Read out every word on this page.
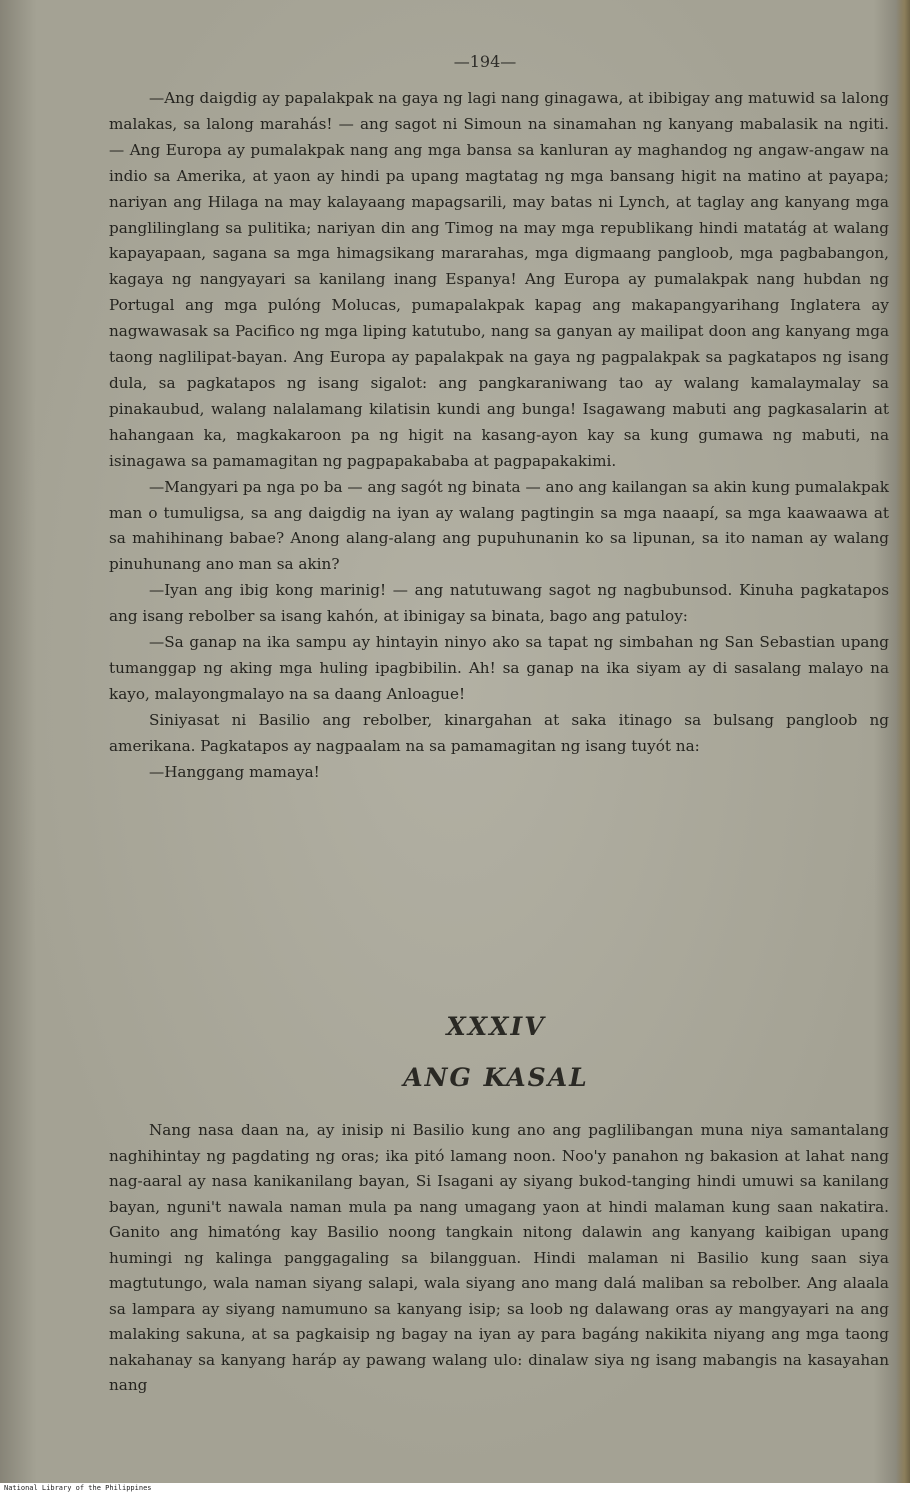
—194—

—Ang daigdig ay papalakpak na gaya ng lagi nang ginagawa, at ibibigay ang matuwid sa lalong malakas, sa lalong marahás! — ang sagot ni Simoun na sinamahan ng kanyang mabalasik na ngiti. — Ang Europa ay pumalakpak nang ang mga bansa sa kanluran ay maghandog ng angaw-angaw na indio sa Amerika, at yaon ay hindi pa upang magtatag ng mga bansang higit na matino at payapa; nariyan ang Hilaga na may kalayaang mapagsarili, may batas ni Lynch, at taglay ang kanyang mga panglilinglang sa pulitika; nariyan din ang Timog na may mga republikang hindi matatág at walang kapayapaan, sagana sa mga himagsikang mararahas, mga digmaang pangloob, mga pagbabangon, kagaya ng nangyayari sa kanilang inang Espanya! Ang Europa ay pumalakpak nang hubdan ng Portugal ang mga pulóng Molucas, pumapalakpak kapag ang makapangyarihang Inglatera ay nagwawasak sa Pacifico ng mga liping katutubo, nang sa ganyan ay mailipat doon ang kanyang mga taong naglilipat-bayan. Ang Europa ay papalakpak na gaya ng pagpalakpak sa pagkatapos ng isang dula, sa pagkatapos ng isang sigalot: ang pangkaraniwang tao ay walang kamalaymalay sa pinakaubud, walang nalalamang kilatisin kundi ang bunga! Isagawang mabuti ang pagkasalarin at hahangaan ka, magkakaroon pa ng higit na kasang-ayon kay sa kung gumawa ng mabuti, na isinagawa sa pamamagitan ng pagpapakababa at pagpapakakimi.

—Mangyari pa nga po ba — ang sagót ng binata — ano ang kailangan sa akin kung pumalakpak man o tumuligsa, sa ang daigdig na iyan ay walang pagtingin sa mga naaapí, sa mga kaawaawa at sa mahihinang babae? Anong alang-alang ang pupuhunanin ko sa lipunan, sa ito naman ay walang pinuhunang ano man sa akin?

—Iyan ang ibig kong marinig! — ang natutuwang sagot ng nagbubunsod. Kinuha pagkatapos ang isang rebolber sa isang kahón, at ibinigay sa binata, bago ang patuloy:

—Sa ganap na ika sampu ay hintayin ninyo ako sa tapat ng simbahan ng San Sebastian upang tumanggap ng aking mga huling ipagbibilin. Ah! sa ganap na ika siyam ay di sasalang malayo na kayo, malayongmalayo na sa daang Anloague!

Siniyasat ni Basilio ang rebolber, kinargahan at saka itinago sa bulsang pangloob ng amerikana. Pagkatapos ay nagpaalam na sa pamamagitan ng isang tuyót na:

—Hanggang mamaya!

XXXIV
ANG KASAL

Nang nasa daan na, ay inisip ni Basilio kung ano ang paglilibangan muna niya samantalang naghihintay ng pagdating ng oras; ika pitó lamang noon. Noo'y panahon ng bakasion at lahat nang nag-aaral ay nasa kanikanilang bayan, Si Isagani ay siyang bukod-tanging hindi umuwi sa kanilang bayan, nguni't nawala naman mula pa nang umagang yaon at hindi malaman kung saan nakatira. Ganito ang himatóng kay Basilio noong tangkain nitong dalawin ang kanyang kaibigan upang humingi ng kalinga panggagaling sa bilangguan. Hindi malaman ni Basilio kung saan siya magtutungo, wala naman siyang salapi, wala siyang ano mang dalá maliban sa rebolber. Ang alaala sa lampara ay siyang namumuno sa kanyang isip; sa loob ng dalawang oras ay mangyayari na ang malaking sakuna, at sa pagkaisip ng bagay na iyan ay para bagáng nakikita niyang ang mga taong nakahanay sa kanyang haráp ay pawang walang ulo: dinalaw siya ng isang mabangis na kasayahan nang

National Library of the Philippines
